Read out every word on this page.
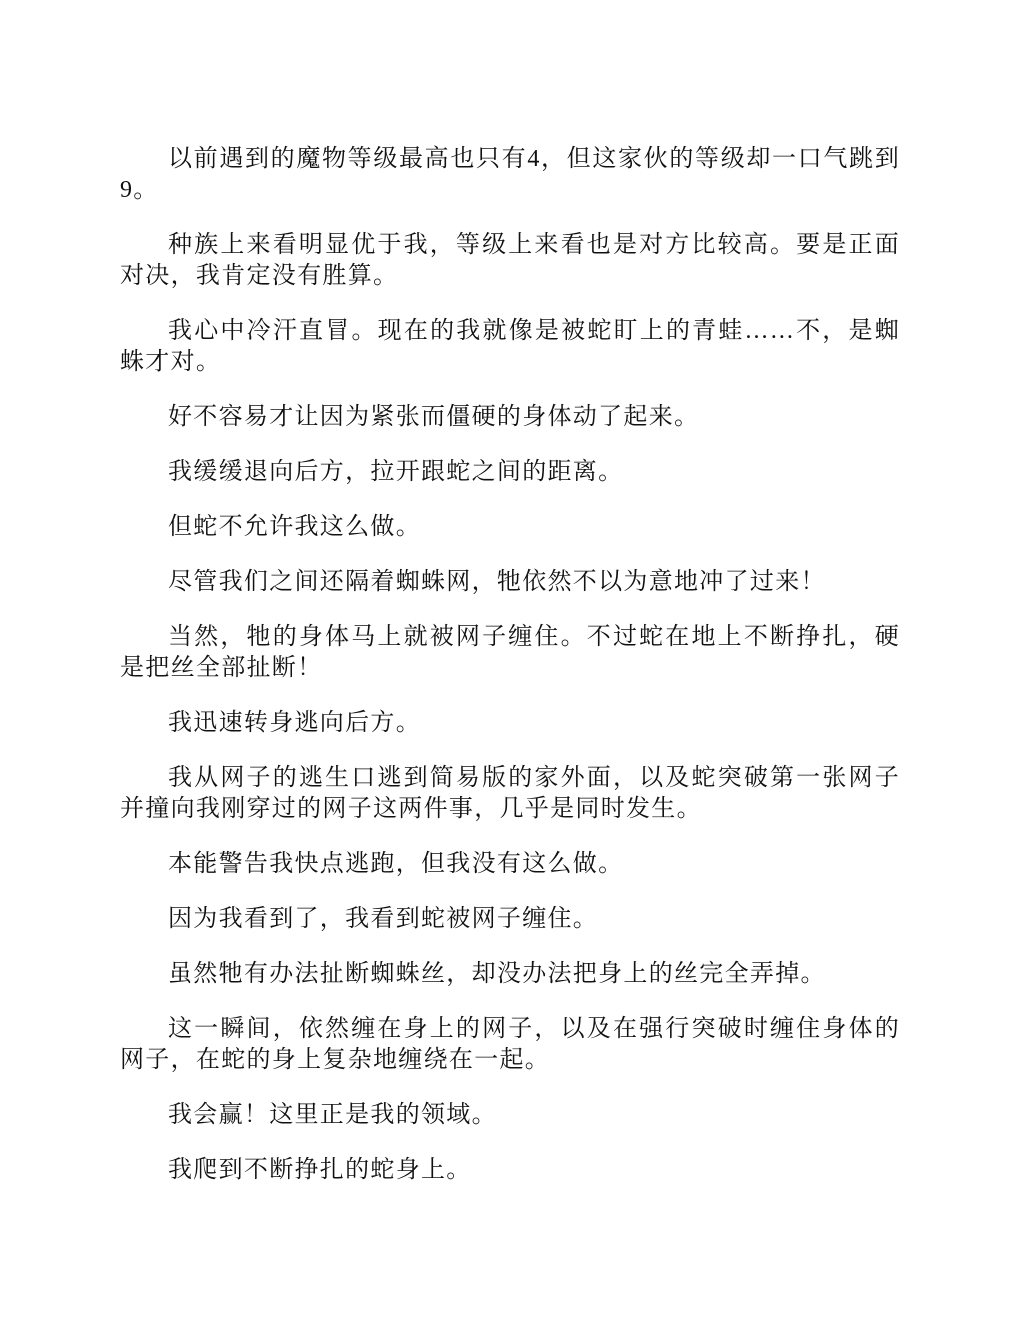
以前遇到的魔物等级最高也只有4，但这家伙的等级却一口气跳到9。

种族上来看明显优于我，等级上来看也是对方比较高。要是正面对决，我肯定没有胜算。

我心中冷汗直冒。现在的我就像是被蛇盯上的青蛙……不，是蜘蛛才对。

好不容易才让因为紧张而僵硬的身体动了起来。

我缓缓退向后方，拉开跟蛇之间的距离。

但蛇不允许我这么做。

尽管我们之间还隔着蜘蛛网，牠依然不以为意地冲了过来！

当然，牠的身体马上就被网子缠住。不过蛇在地上不断挣扎，硬是把丝全部扯断！

我迅速转身逃向后方。

我从网子的逃生口逃到简易版的家外面，以及蛇突破第一张网子并撞向我刚穿过的网子这两件事，几乎是同时发生。

本能警告我快点逃跑，但我没有这么做。

因为我看到了，我看到蛇被网子缠住。

虽然牠有办法扯断蜘蛛丝，却没办法把身上的丝完全弄掉。

这一瞬间，依然缠在身上的网子，以及在强行突破时缠住身体的网子，在蛇的身上复杂地缠绕在一起。

我会赢！这里正是我的领域。

我爬到不断挣扎的蛇身上。
